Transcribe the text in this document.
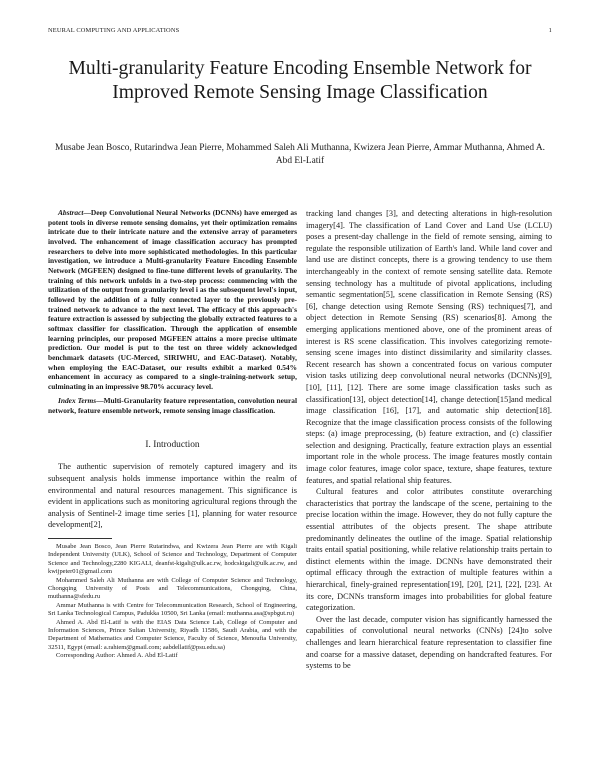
NEURAL COMPUTING AND APPLICATIONS	1
Multi-granularity Feature Encoding Ensemble Network for Improved Remote Sensing Image Classification
Musabe Jean Bosco, Rutarindwa Jean Pierre, Mohammed Saleh Ali Muthanna, Kwizera Jean Pierre, Ammar Muthanna, Ahmed A. Abd El-Latif

Abstract—Deep Convolutional Neural Networks (DCNNs) have emerged as potent tools in diverse remote sensing domains, yet their optimization remains intricate due to their intricate nature and the extensive array of parameters involved. The enhancement of image classification accuracy has prompted researchers to delve into more sophisticated methodologies. In this particular investigation, we introduce a Multi-granularity Feature Encoding Ensemble Network (MGFEEN) designed to fine-tune different levels of granularity. The training of this network unfolds in a two-step process: commencing with the utilization of the output from granularity level i as the subsequent level's input, followed by the addition of a fully connected layer to the previously pre-trained network to advance to the next level. The efficacy of this approach's feature extraction is assessed by subjecting the globally extracted features to a softmax classifier for classification. Through the application of ensemble learning principles, our proposed MGFEEN attains a more precise ultimate prediction. Our model is put to the test on three widely acknowledged benchmark datasets (UC-Merced, SIRIWHU, and EAC-Dataset). Notably, when employing the EAC-Dataset, our results exhibit a marked 0.54% enhancement in accuracy as compared to a single-training-network setup, culminating in an impressive 98.70% accuracy level.

Index Terms—Multi-Granularity feature representation, convolution neural network, feature ensemble network, remote sensing image classification.

I. Introduction

The authentic supervision of remotely captured imagery and its subsequent analysis holds immense importance within the realm of environmental and natural resources management. This significance is evident in applications such as monitoring agricultural regions through the analysis of Sentinel-2 image time series [1], planning for water resource development[2],

Musabe Jean Bosco, Jean Pierre Rutarindwa, and Kwizera Jean Pierre are with Kigali Independent University (ULK), School of Science and Technology, Department of Computer Science and Technology,2280 KIGALI, deanfst-kigali@ulk.ac.rw, hodcskigali@ulk.ac.rw, and kwijpeter01@gmail.com

Mohammed Saleh Ali Muthanna are with College of Computer Science and Technology, Chongqing University of Posts and Telecommunications, Chongqing, China, muthanna@sfedu.ru

Ammar Muthanna is with Centre for Telecommunication Research, School of Engineering, Sri Lanka Technological Campus, Padukka 10500, Sri Lanka (email: muthanna.asa@spbgut.ru)

Ahmed A. Abd El-Latif is with the EIAS Data Science Lab, College of Computer and Information Sciences, Prince Sultan University, Riyadh 11586, Saudi Arabia, and with the Department of Mathematics and Computer Science, Faculty of Science, Menoufia University, 32511, Egypt (email: a.rahiem@gmail.com; aabdellatif@psu.edu.sa)

Corresponding Author: Ahmed A. Abd El-Latif

tracking land changes [3], and detecting alterations in high-resolution imagery[4]. The classification of Land Cover and Land Use (LCLU) poses a present-day challenge in the field of remote sensing, aiming to regulate the responsible utilization of Earth's land. While land cover and land use are distinct concepts, there is a growing tendency to use them interchangeably in the context of remote sensing satellite data. Remote sensing technology has a multitude of pivotal applications, including semantic segmentation[5], scene classification in Remote Sensing (RS) [6], change detection using Remote Sensing (RS) techniques[7], and object detection in Remote Sensing (RS) scenarios[8]. Among the emerging applications mentioned above, one of the prominent areas of interest is RS scene classification. This involves categorizing remote-sensing scene images into distinct dissimilarity and similarity classes. Recent research has shown a concentrated focus on various computer vision tasks utilizing deep convolutional neural networks (DCNNs)[9], [10], [11], [12]. There are some image classification tasks such as classification[13], object detection[14], change detection[15]and medical image classification [16], [17], and automatic ship detection[18]. Recognize that the image classification process consists of the following steps: (a) image preprocessing, (b) feature extraction, and (c) classifier selection and designing. Practically, feature extraction plays an essential important role in the whole process. The image features mostly contain image color features, image color space, texture, shape features, texture features, and spatial relational ship features.

Cultural features and color attributes constitute overarching characteristics that portray the landscape of the scene, pertaining to the precise location within the image. However, they do not fully capture the essential attributes of the objects present. The shape attribute predominantly delineates the outline of the image. Spatial relationship traits entail spatial positioning, while relative relationship traits pertain to distinct elements within the image. DCNNs have demonstrated their optimal efficacy through the extraction of multiple features within a hierarchical, finely-grained representation[19], [20], [21], [22], [23]. At its core, DCNNs transform images into probabilities for global feature categorization.

Over the last decade, computer vision has significantly harnessed the capabilities of convolutional neural networks (CNNs) [24]to solve challenges and learn hierarchical feature representation to classifier fine and coarse for a massive dataset, depending on handcrafted features. For systems to be
